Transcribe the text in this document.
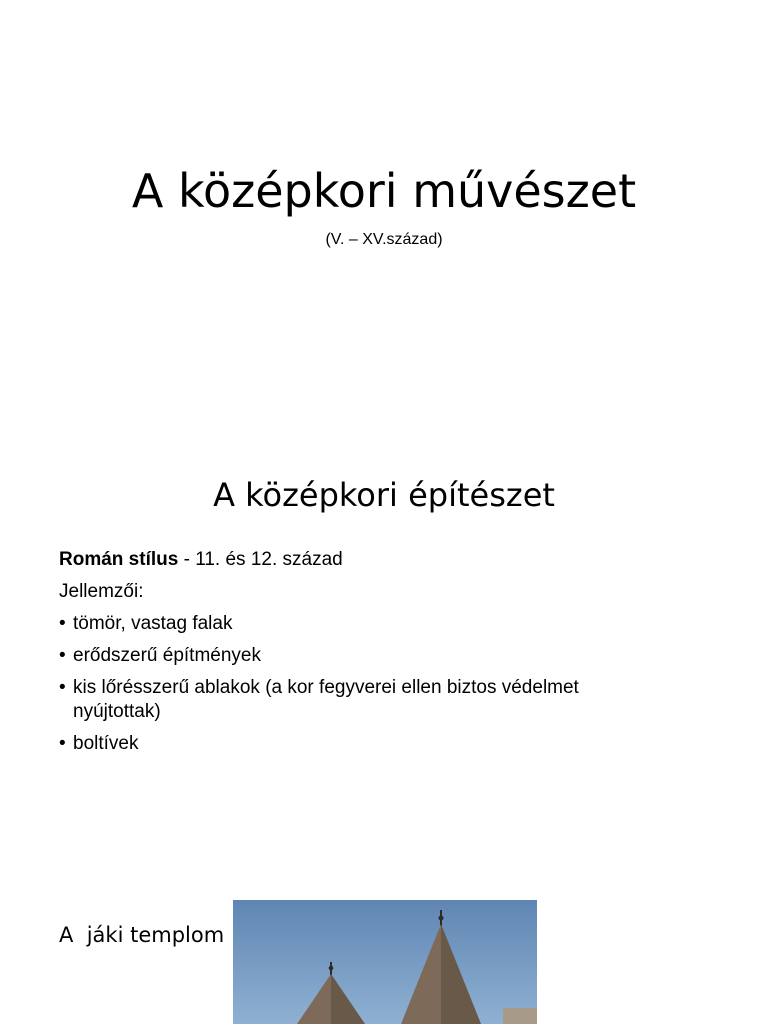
A középkori művészet
(V. – XV.század)
A középkori építészet
Román stílus - 11. és 12. század
Jellemzői:
• tömör, vastag falak
• erődszerű építmények
• kis lőrésszerű ablakok (a kor fegyverei ellen biztos védelmet nyújtottak)
• boltívek
A  jáki templom
